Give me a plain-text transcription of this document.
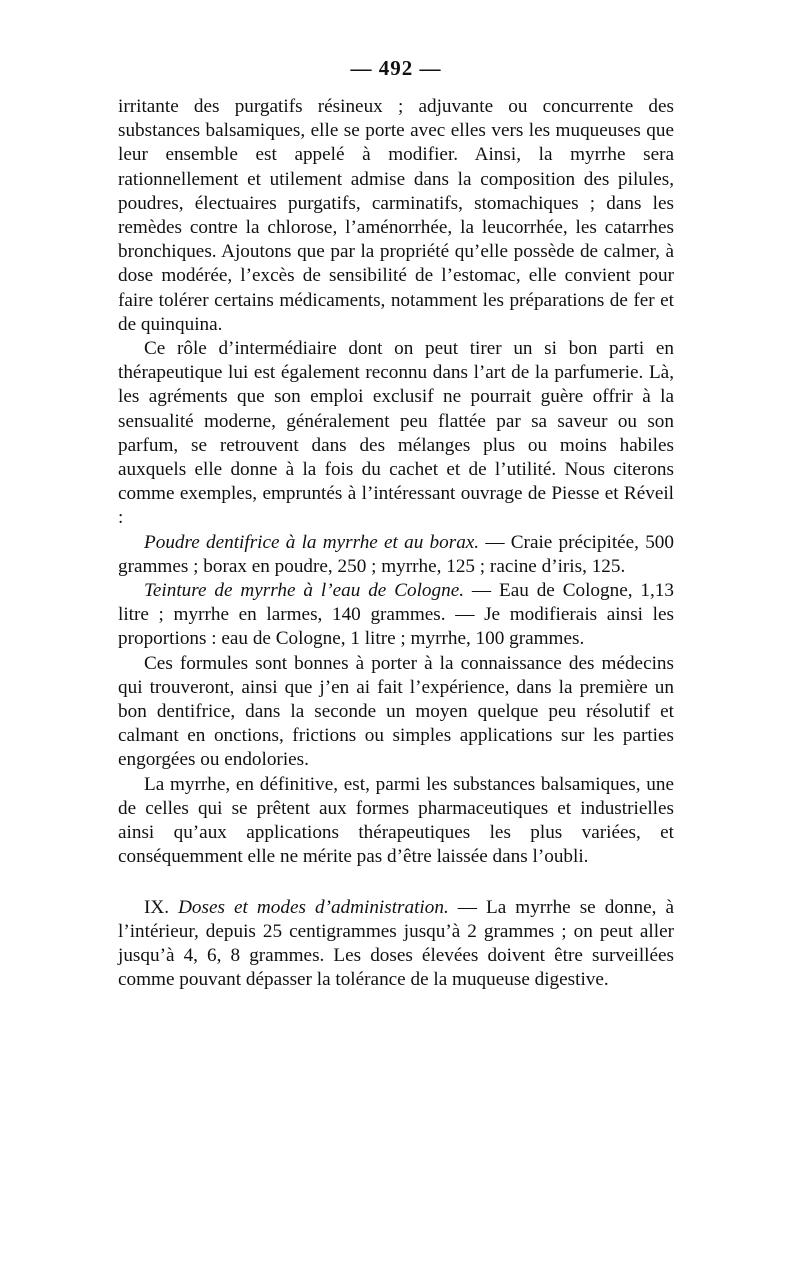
— 492 —

irritante des purgatifs résineux ; adjuvante ou concurrente des substances balsamiques, elle se porte avec elles vers les muqueuses que leur ensemble est appelé à modifier. Ainsi, la myrrhe sera rationnellement et utilement admise dans la composition des pilules, poudres, électuaires purgatifs, carminatifs, stomachiques ; dans les remèdes contre la chlorose, l’aménorrhée, la leucorrhée, les catarrhes bronchiques. Ajoutons que par la propriété qu’elle possède de calmer, à dose modérée, l’excès de sensibilité de l’estomac, elle convient pour faire tolérer certains médicaments, notamment les préparations de fer et de quinquina.

Ce rôle d’intermédiaire dont on peut tirer un si bon parti en thérapeutique lui est également reconnu dans l’art de la parfumerie. Là, les agréments que son emploi exclusif ne pourrait guère offrir à la sensualité moderne, généralement peu flattée par sa saveur ou son parfum, se retrouvent dans des mélanges plus ou moins habiles auxquels elle donne à la fois du cachet et de l’utilité. Nous citerons comme exemples, empruntés à l’intéressant ouvrage de Piesse et Réveil :

Poudre dentifrice à la myrrhe et au borax. — Craie précipitée, 500 grammes ; borax en poudre, 250 ; myrrhe, 125 ; racine d’iris, 125.

Teinture de myrrhe à l’eau de Cologne. — Eau de Cologne, 1,13 litre ; myrrhe en larmes, 140 grammes. — Je modifierais ainsi les proportions : eau de Cologne, 1 litre ; myrrhe, 100 grammes.

Ces formules sont bonnes à porter à la connaissance des médecins qui trouveront, ainsi que j’en ai fait l’expérience, dans la première un bon dentifrice, dans la seconde un moyen quelque peu résolutif et calmant en onctions, frictions ou simples applications sur les parties engorgées ou endolories.

La myrrhe, en définitive, est, parmi les substances balsamiques, une de celles qui se prêtent aux formes pharmaceutiques et industrielles ainsi qu’aux applications thérapeutiques les plus variées, et conséquemment elle ne mérite pas d’être laissée dans l’oubli.

IX. Doses et modes d’administration. — La myrrhe se donne, à l’intérieur, depuis 25 centigrammes jusqu’à 2 grammes ; on peut aller jusqu’à 4, 6, 8 grammes. Les doses élevées doivent être surveillées comme pouvant dépasser la tolérance de la muqueuse digestive.
